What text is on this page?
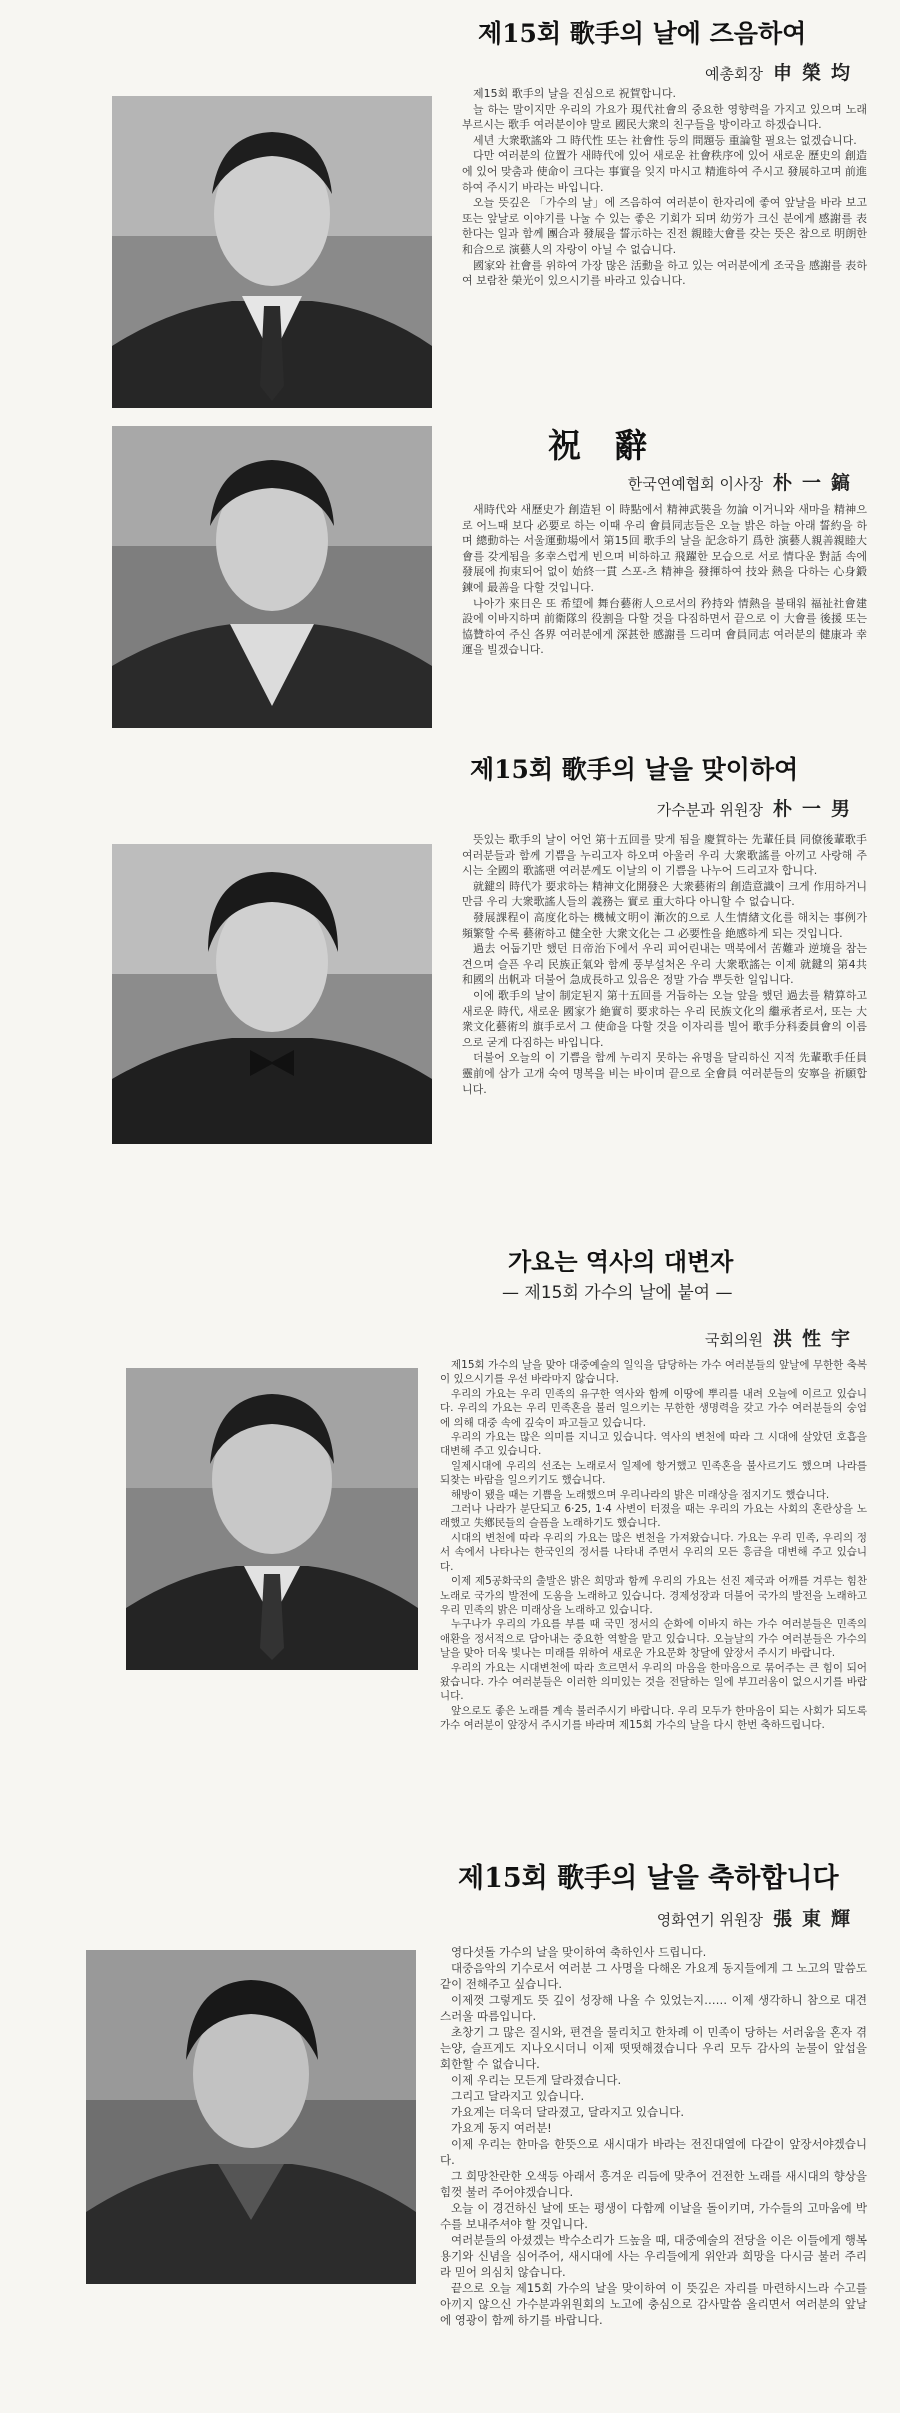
제15회 歌手의 날에 즈음하여
예총회장 申榮均

제15회 歌手의 날을 진심으로 祝賀합니다.

늘 하는 말이지만 우리의 가요가 現代社會의 중요한 영향력을 가지고 있으며 노래 부르시는 歌手 여러분이야 말로 國民大衆의 친구들을 방이라고 하겠습니다.

세년 大衆歌謠와 그 時代性 또는 社會性 등의 問題등 重論할 필요는 없겠습니다.

다만 여러분의 位置가 새時代에 있어 새로운 社會秩序에 있어 새로운 歷史의 創造에 있어 맞춤과 使命이 크다는 事實을 잊지 마시고 精進하여 주시고 發展하고며 前進하여 주시기 바라는 바입니다.

오늘 뜻깊은 「가수의 날」에 즈음하여 여러분이 한자리에 좋여 앞날을 바라 보고 또는 앞날로 이야기를 나눌 수 있는 좋은 기회가 되며 幼労가 크신 분에게 感謝를 表한다는 일과 함께 團合과 發展을 誓示하는 진전 親睦大會를 갖는 뜻은 참으로 明朗한 和合으로 演藝人의 자랑이 아닐 수 없습니다.

國家와 社會를 위하여 가장 많은 活動을 하고 있는 여러분에게 조국을 感謝를 表하여 보람찬 榮光이 있으시기를 바라고 있습니다.

祝　辭
한국연예협회 이사장 朴一鎬

새時代와 새歷史가 創造된 이 時點에서 精神武裝을 勿論 이거니와 새마을 精神으로 어느때 보다 必要로 하는 이때 우리 會員同志들은 오늘 밝은 하늘 아래 誓約을 하며 總動하는 서울運動場에서 第15回 歌手의 날을 記念하기 爲한 演藝人親善親睦大會를 갖게됨을 多幸스럽게 빈으며 비하하고 飛躍한 모습으로 서로 情다운 對話 속에 發展에 拘束되어 없이 始終一貫 스포-츠 精神을 發揮하여 技와 熱을 다하는 心身鍛鍊에 最善을 다할 것입니다.

나아가 來日은 또 希望에 舞台藝術人으로서의 矜持와 情熱을 불태워 福祉社會建設에 이바지하며 前衛隊의 役割을 다할 것을 다짐하면서 끝으로 이 大會를 後援 또는 協贊하여 주신 各界 여러분에게 深甚한 感謝를 드리며 會員同志 여러분의 健康과 幸運을 빌겠습니다.

제15회 歌手의 날을 맞이하여
가수분과 위원장 朴一男

뜻있는 歌手의 날이 어언 第十五回를 맞게 됨을 慶賀하는 先輩任員 同僚後輩歌手 여러분들과 함께 기쁨을 누리고자 하오며 아울러 우리 大衆歌謠를 아끼고 사랑해 주시는 全國의 歌謠팬 여러분께도 이날의 이 기쁨을 나누어 드리고자 합니다.

就鍵의 時代가 要求하는 精神文化開發은 大衆藝術의 創造意識이 크게 作用하거니 만큼 우리 大衆歌謠人들의 義務는 實로 重大하다 아니할 수 없습니다.

發展課程이 高度化하는 機械文明이 漸次的으로 人生情緖文化를 해치는 事例가 頻繁할 수록 藝術하고 健全한 大衆文化는 그 必要性을 絶感하게 되는 것입니다.

過去 어둡기만 했던 日帝治下에서 우리 피어린내는 맥북에서 苦難과 逆境을 참는 견으며 슬픈 우리 民族正氣와 함께 풍부설처온 우리 大衆歌謠는 이제 就鍵의 第4共和國의 出帆과 더불어 急成長하고 있음은 정말 가슴 뿌듯한 일입니다.

이에 歌手의 날이 制定된지 第十五回를 거듭하는 오늘 앞을 했던 過去를 精算하고 새로운 時代, 새로운 國家가 絶實히 要求하는 우리 民族文化의 繼承者로서, 또는 大衆文化藝術의 旗手로서 그 使命을 다할 것을 이자리를 빌어 歌手分科委員會의 이름으로 굳게 다짐하는 바입니다.

더불어 오늘의 이 기쁨을 함께 누리지 못하는 유명을 달리하신 지적 先輩歌手任員 靈前에 삼가 고개 숙여 명복을 비는 바이며 끝으로 全會員 여러분들의 安寧을 祈願합니다.

가요는 역사의 대변자
— 제15회 가수의 날에 붙여 —
국회의원 洪性宇

제15회 가수의 날을 맞아 대중예술의 일익을 담당하는 가수 여러분들의 앞날에 무한한 축복이 있으시기를 우선 바라마지 않습니다.

우리의 가요는 우리 민족의 유구한 역사와 함께 이땅에 뿌리를 내려 오늘에 이르고 있습니다. 우리의 가요는 우리 민족혼을 불러 일으키는 무한한 생명력을 갖고 가수 여러분들의 숭엄에 의해 대중 속에 깊숙이 파고들고 있습니다.

우리의 가요는 많은 의미를 지니고 있습니다. 역사의 변천에 따라 그 시대에 살았던 호흡을 대변해 주고 있습니다.

일제시대에 우리의 선조는 노래로서 일제에 항거했고 민족혼을 불사르기도 했으며 나라를 되찾는 바람을 일으키기도 했습니다.

해방이 됐을 때는 기쁨을 노래했으며 우리나라의 밝은 미래상을 점지기도 했습니다.

그러나 나라가 분단되고 6·25, 1·4 사변이 터졌을 때는 우리의 가요는 사회의 혼란상을 노래했고 失鄕民들의 슬픔을 노래하기도 했습니다.

시대의 변천에 따라 우리의 가요는 많은 변천을 가져왔습니다. 가요는 우리 민족, 우리의 정서 속에서 나타나는 한국인의 정서를 나타내 주면서 우리의 모든 흥금을 대변해 주고 있습니다.

이제 제5공화국의 출발은 밝은 희망과 함께 우리의 가요는 선진 제국과 어깨를 겨루는 힘찬 노래로 국가의 발전에 도움을 노래하고 있습니다. 경제성장과 더불어 국가의 발전을 노래하고 우리 민족의 밝은 미래상을 노래하고 있습니다.

누구나가 우리의 가요를 부를 때 국민 정서의 순화에 이바지 하는 가수 여러분들은 민족의 애환을 정서적으로 담아내는 중요한 역할을 맡고 있습니다. 오늘날의 가수 여러분들은 가수의 날을 맞아 더욱 빛나는 미래를 위하여 새로운 가요문화 창달에 앞장서 주시기 바랍니다.

우리의 가요는 시대변천에 따라 흐르면서 우리의 마음을 한마음으로 묶어주는 큰 힘이 되어왔습니다. 가수 여러분들은 이러한 의미있는 것을 전달하는 일에 부끄러움이 없으시기를 바랍니다.

앞으로도 좋은 노래를 계속 불러주시기 바랍니다. 우리 모두가 한마음이 되는 사회가 되도록 가수 여러분이 앞장서 주시기를 바라며 제15회 가수의 날을 다시 한번 축하드립니다.

제15회 歌手의 날을 축하합니다
영화연기 위원장 張東輝

영다섯돌 가수의 날을 맞이하여 축하인사 드립니다.

대중음악의 기수로서 여러분 그 사명을 다해온 가요계 동지들에게 그 노고의 말씀도 같이 전해주고 싶습니다.

이제껏 그렇게도 뜻 깊이 성장해 나올 수 있었는지…… 이제 생각하니 참으로 대견스러울 따름입니다.

초창기 그 많은 질시와, 편견을 물리치고 한차례 이 민족이 당하는 서러움을 혼자 겪는양, 슬프게도 지나오시더니 이제 떳떳해졌습니다 우리 모두 감사의 눈물이 앞섭을 회한할 수 없습니다.

이제 우리는 모든게 달라졌습니다.

그리고 달라지고 있습니다.

가요계는 더욱더 달라졌고, 달라지고 있습니다.

가요계 동지 여러분!

이제 우리는 한마음 한뜻으로 새시대가 바라는 전진대열에 다같이 앞장서야겠습니다.

그 희망찬란한 오색등 아래서 흥겨운 리듬에 맞추어 건전한 노래를 새시대의 향상을 힘껏 불러 주어야겠습니다.

오늘 이 경건하신 날에 또는 평생이 다함께 이날을 돌이키며, 가수들의 고마움에 박수를 보내주셔야 할 것입니다.

여러분들의 아셨겠는 박수소리가 드높을 때, 대중예술의 전당을 이은 이들에게 행복 용기와 신념을 심어주어, 새시대에 사는 우리들에게 위안과 희망을 다시금 불러 주리라 믿어 의심치 않습니다.

끝으로 오늘 제15회 가수의 날을 맞이하여 이 뜻깊은 자리를 마련하시느라 수고를 아끼지 않으신 가수분과위원회의 노고에 충심으로 감사말씀 올리면서 여러분의 앞날에 영광이 함께 하기를 바랍니다.
